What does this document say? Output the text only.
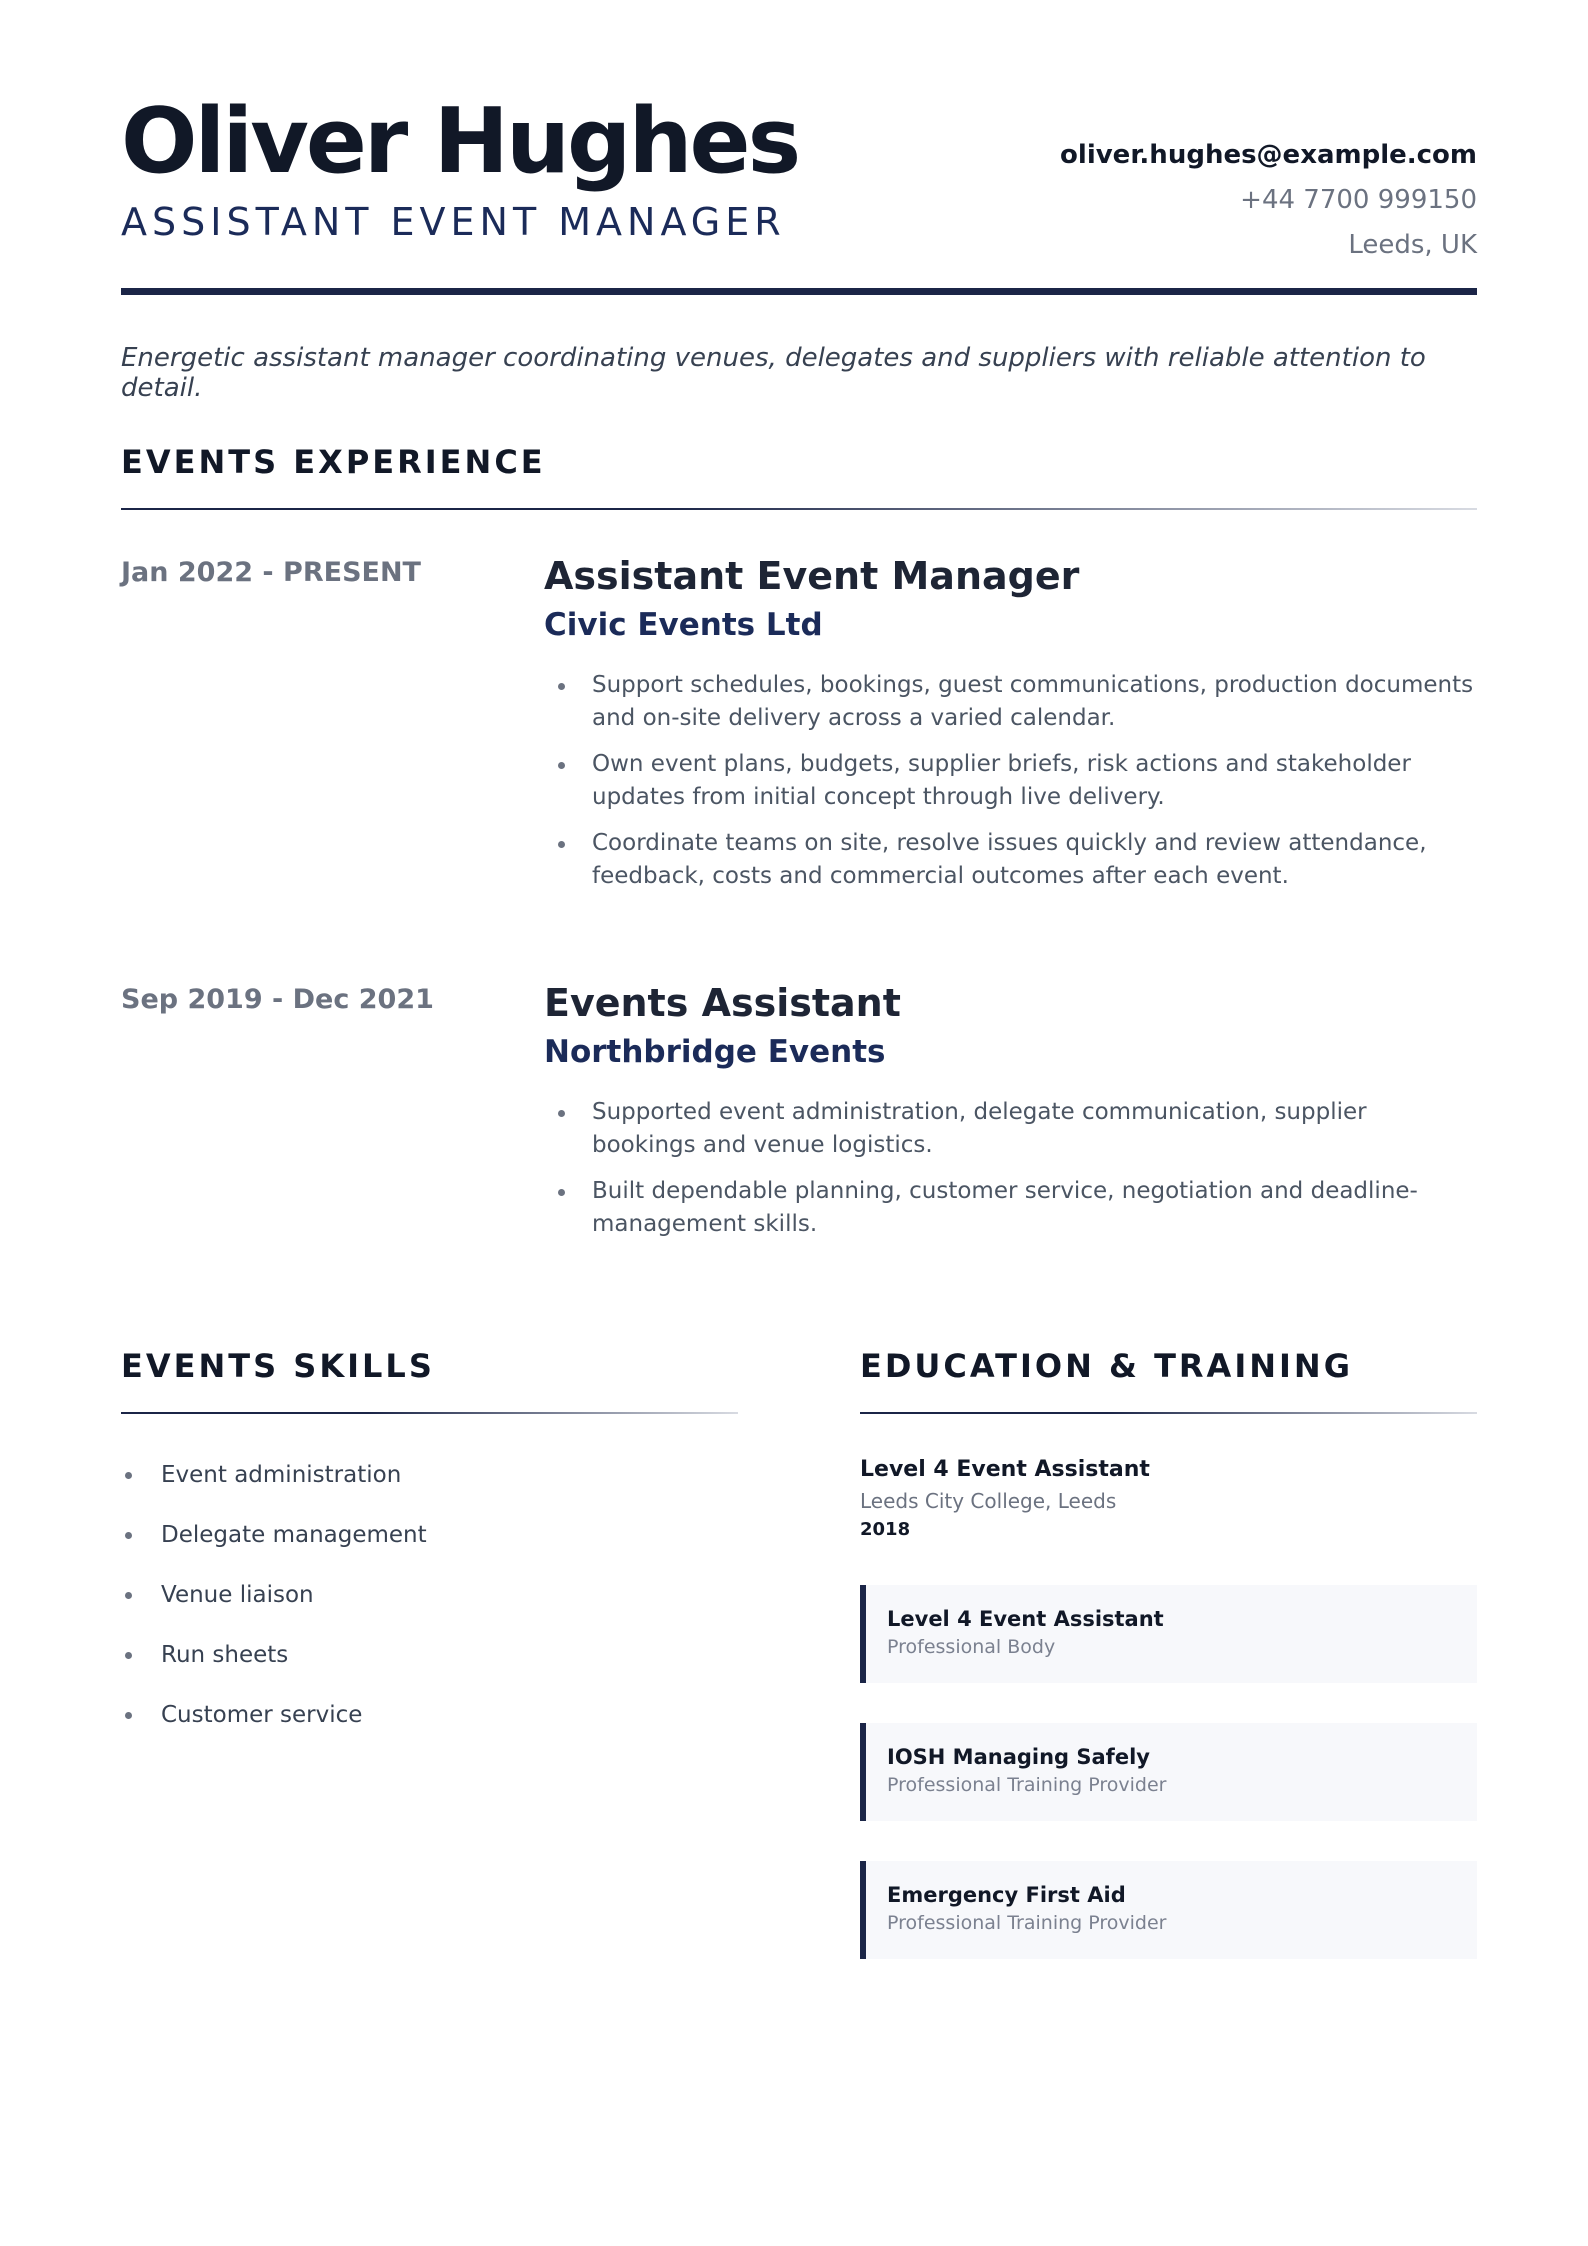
Oliver Hughes
ASSISTANT EVENT MANAGER
oliver.hughes@example.com
+44 7700 999150
Leeds, UK
Energetic assistant manager coordinating venues, delegates and suppliers with reliable attention to detail.
EVENTS EXPERIENCE
Jan 2022 - PRESENT	Assistant Event Manager
Civic Events Ltd
Support schedules, bookings, guest communications, production documents and on-site delivery across a varied calendar.
Own event plans, budgets, supplier briefs, risk actions and stakeholder updates from initial concept through live delivery.
Coordinate teams on site, resolve issues quickly and review attendance, feedback, costs and commercial outcomes after each event.
Sep 2019 - Dec 2021	Events Assistant
Northbridge Events
Supported event administration, delegate communication, supplier bookings and venue logistics.
Built dependable planning, customer service, negotiation and deadline-management skills.
EVENTS SKILLS
Event administration
Delegate management
Venue liaison
Run sheets
Customer service
EDUCATION & TRAINING
Level 4 Event Assistant
Leeds City College, Leeds
2018
Level 4 Event Assistant
Professional Body
IOSH Managing Safely
Professional Training Provider
Emergency First Aid
Professional Training Provider
